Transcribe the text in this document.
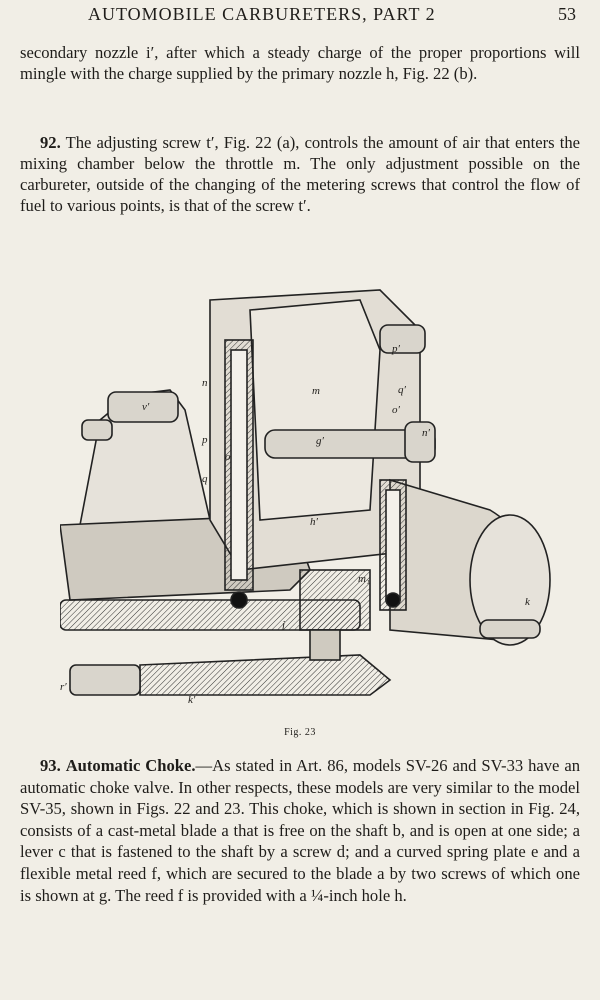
AUTOMOBILE CARBURETERS, PART 2	53

secondary nozzle i′, after which a steady charge of the proper proportions will mingle with the charge supplied by the primary nozzle h, Fig. 22 (b).

92. The adjusting screw t′, Fig. 22 (a), controls the amount of air that enters the mixing chamber below the throttle m. The only adjustment possible on the carbureter, outside of the changing of the metering screws that control the flow of fuel to various points, is that of the screw t′.

v′
p′
q′
o′
n′
n
m
p
o
q
g′
h′
k
m₁
j
r′
k′
Fig. 23

93. Automatic Choke.—As stated in Art. 86, models SV-26 and SV-33 have an automatic choke valve. In other respects, these models are very similar to the model SV-35, shown in Figs. 22 and 23. This choke, which is shown in section in Fig. 24, consists of a cast-metal blade a that is free on the shaft b, and is open at one side; a lever c that is fastened to the shaft by a screw d; and a curved spring plate e and a flexible metal reed f, which are secured to the blade a by two screws of which one is shown at g. The reed f is provided with a ¼-inch hole h.
